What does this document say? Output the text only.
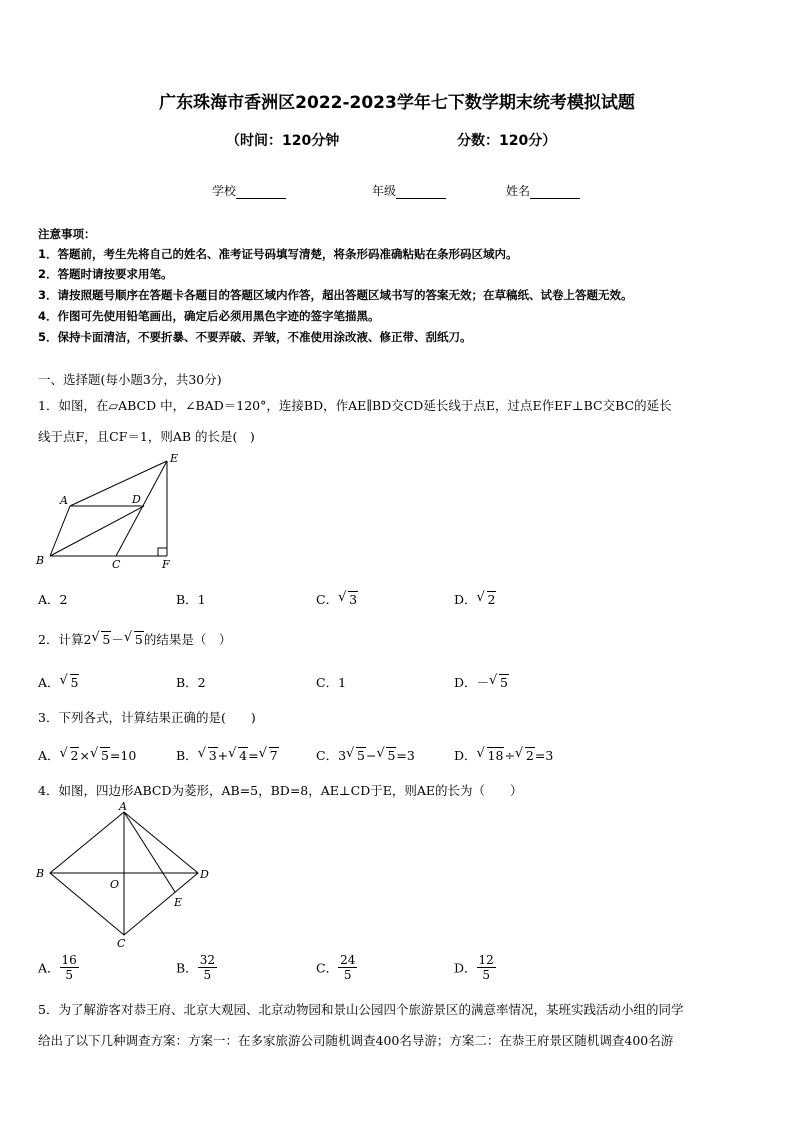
广东珠海市香洲区2022-2023学年七下数学期末统考模拟试题
（时间：120分钟	分数：120分）
学校	年级	姓名
注意事项：
1．答题前，考生先将自己的姓名、准考证号码填写清楚，将条形码准确粘贴在条形码区域内。
2．答题时请按要求用笔。
3．请按照题号顺序在答题卡各题目的答题区域内作答，超出答题区域书写的答案无效；在草稿纸、试卷上答题无效。
4．作图可先使用铅笔画出，确定后必须用黑色字迹的签字笔描黑。
5．保持卡面清洁，不要折暴、不要弄破、弄皱，不准使用涂改液、修正带、刮纸刀。
一、选择题(每小题3分，共30分)
1．如图，在▱ABCD 中，∠BAD＝120°，连接BD，作AE∥BD交CD延长线于点E，过点E作EF⊥BC交BC的延长
线于点F，且CF＝1，则AB 的长是(　)
A
B	C
D
E
F
A．2	B．1	C． √ 3	D． √ 2
2．计算2 √ 5－ √ 5的结果是（　）
A． √ 5	B．2	C．1	D．－ √ 5
3．下列各式，计算结果正确的是(　　)
A． √ 2× √ 5=10	B． √ 3+ √ 4= √ 7	C．3 √ 5− √ 5=3	D． √ 18÷ √ 2=3
4．如图，四边形ABCD为菱形，AB=5，BD=8，AE⊥CD于E，则AE的长为（　　）
A
B
C
D
E
O
A． $\frac{16}{5}$	B． $\frac{32}{5}$	C． $\frac{24}{5}$	D． $\frac{12}{5}$
5．为了解游客对恭王府、北京大观园、北京动物园和景山公园四个旅游景区的满意率情况，某班实践活动小组的同学
给出了以下几种调查方案：方案一：在多家旅游公司随机调查400名导游；方案二：在恭王府景区随机调查400名游
